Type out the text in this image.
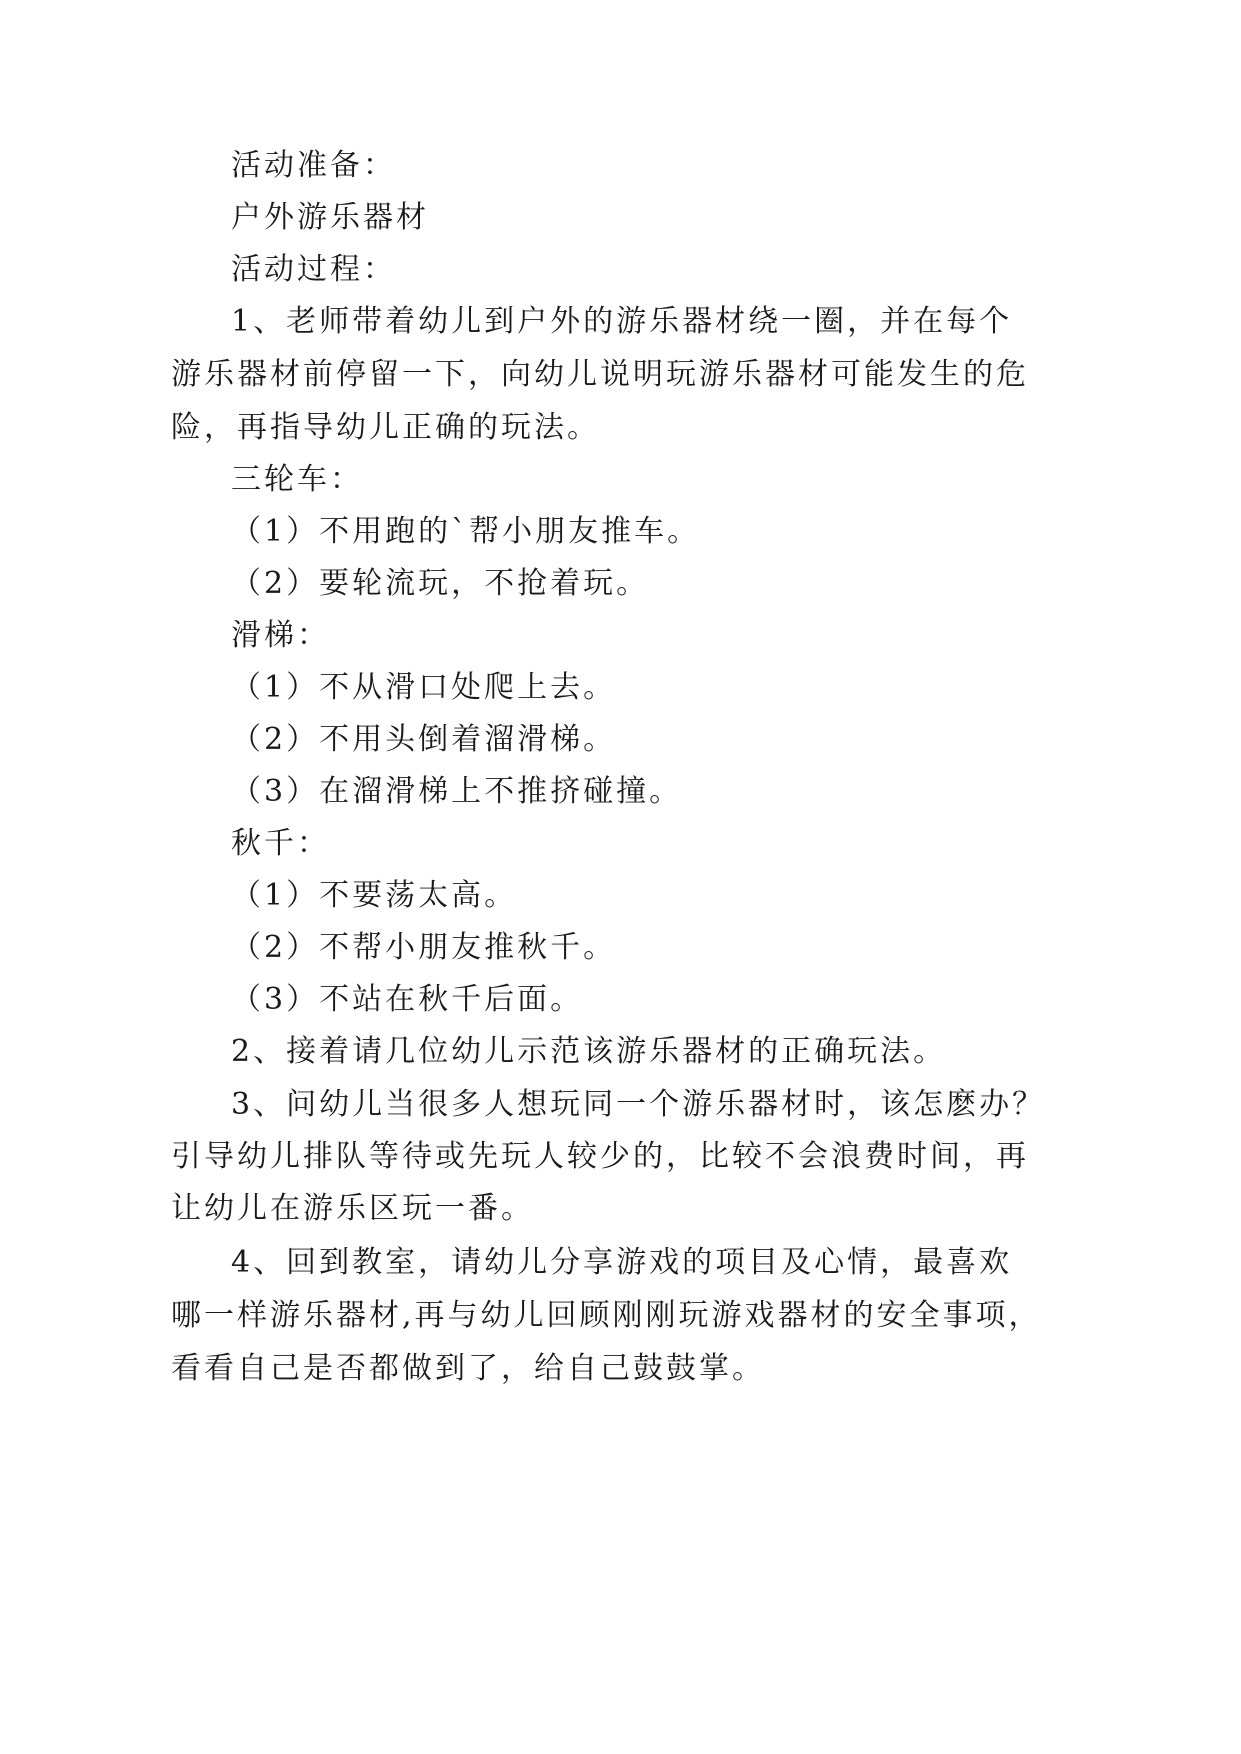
活动准备：
户外游乐器材
活动过程：
1、老师带着幼儿到户外的游乐器材绕一圈，并在每个
游乐器材前停留一下，向幼儿说明玩游乐器材可能发生的危
险，再指导幼儿正确的玩法。
三轮车：
（1）不用跑的`帮小朋友推车。
（2）要轮流玩，不抢着玩。
滑梯：
（1）不从滑口处爬上去。
（2）不用头倒着溜滑梯。
（3）在溜滑梯上不推挤碰撞。
秋千：
（1）不要荡太高。
（2）不帮小朋友推秋千。
（3）不站在秋千后面。
2、接着请几位幼儿示范该游乐器材的正确玩法。
3、问幼儿当很多人想玩同一个游乐器材时，该怎麽办？
引导幼儿排队等待或先玩人较少的，比较不会浪费时间，再
让幼儿在游乐区玩一番。
4、回到教室，请幼儿分享游戏的项目及心情，最喜欢
哪一样游乐器材,再与幼儿回顾刚刚玩游戏器材的安全事项，
看看自己是否都做到了，给自己鼓鼓掌。
